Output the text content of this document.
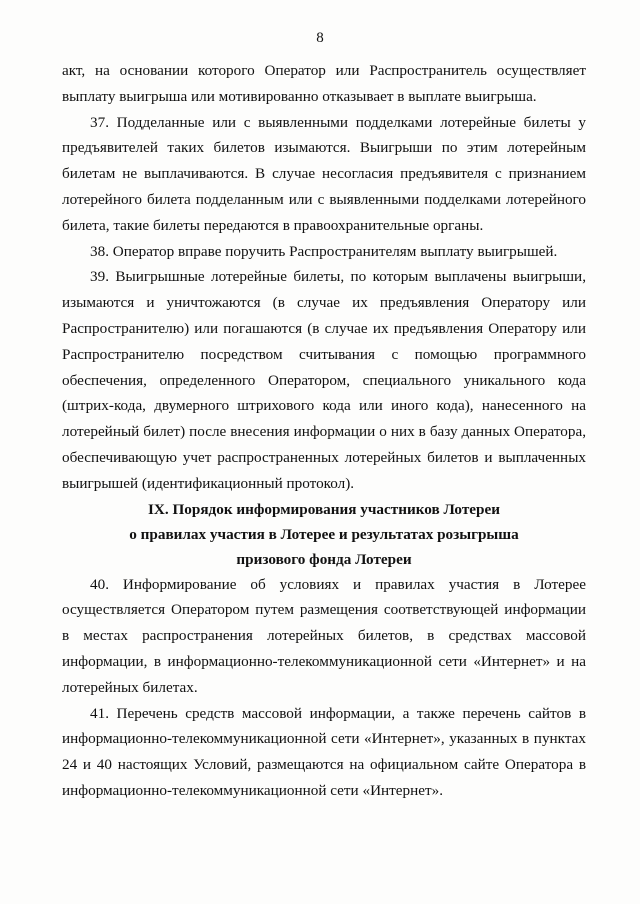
8

акт, на основании которого Оператор или Распространитель осуществляет выплату выигрыша или мотивированно отказывает в выплате выигрыша.

37. Подделанные или с выявленными подделками лотерейные билеты у предъявителей таких билетов изымаются. Выигрыши по этим лотерейным билетам не выплачиваются. В случае несогласия предъявителя с признанием лотерейного билета подделанным или с выявленными подделками лотерейного билета, такие билеты передаются в правоохранительные органы.

38. Оператор вправе поручить Распространителям выплату выигрышей.

39. Выигрышные лотерейные билеты, по которым выплачены выигрыши, изымаются и уничтожаются (в случае их предъявления Оператору или Распространителю) или погашаются (в случае их предъявления Оператору или Распространителю посредством считывания с помощью программного обеспечения, определенного Оператором, специального уникального кода (штрих-кода, двумерного штрихового кода или иного кода), нанесенного на лотерейный билет) после внесения информации о них в базу данных Оператора, обеспечивающую учет распространенных лотерейных билетов и выплаченных выигрышей (идентификационный протокол).

IX. Порядок информирования участников Лотереи
о правилах участия в Лотерее и результатах розыгрыша
призового фонда Лотереи

40. Информирование об условиях и правилах участия в Лотерее осуществляется Оператором путем размещения соответствующей информации в местах распространения лотерейных билетов, в средствах массовой информации, в информационно-телекоммуникационной сети «Интернет» и на лотерейных билетах.

41. Перечень средств массовой информации, а также перечень сайтов в информационно-телекоммуникационной сети «Интернет», указанных в пунктах 24 и 40 настоящих Условий, размещаются на официальном сайте Оператора в информационно-телекоммуникационной сети «Интернет».
